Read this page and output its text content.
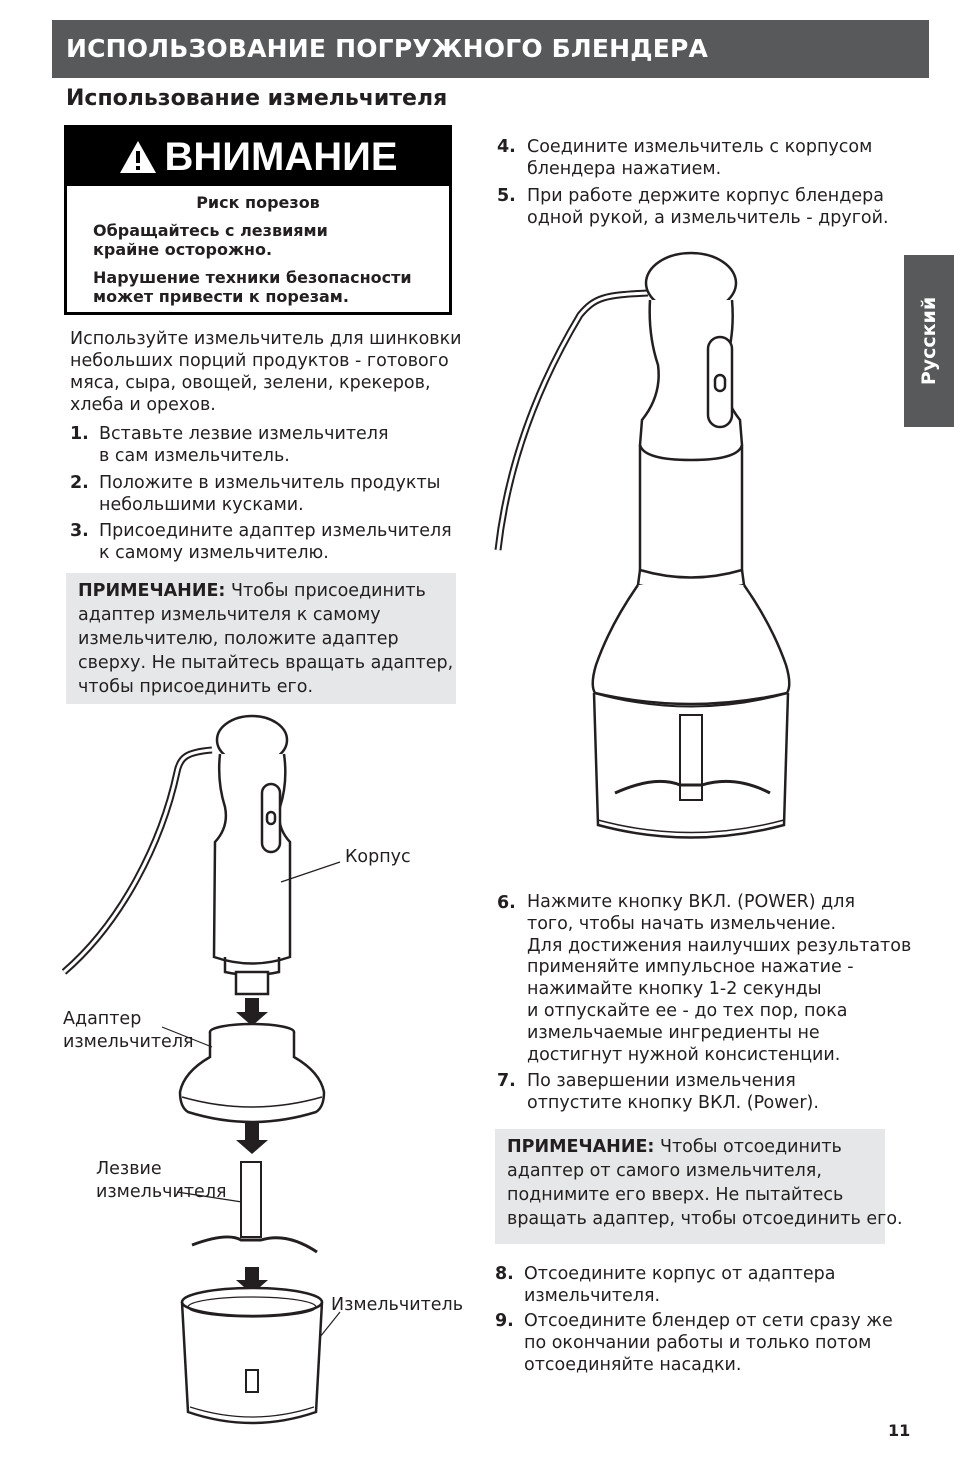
ИСПОЛЬЗОВАНИЕ ПОГРУЖНОГО БЛЕНДЕРА
Использование измельчителя
ВНИМАНИЕ
Риск порезов
Обращайтесь с лезвиями
крайне осторожно.
Нарушение техники безопасности
может привести к порезам.
Используйте измельчитель для шинковки
небольших порций продуктов - готового
мяса, сыра, овощей, зелени, крекеров,
хлеба и орехов.
1. Вставьте лезвие измельчителя
в сам измельчитель.
2. Положите в измельчитель продукты
небольшими кусками.
3. Присоедините адаптер измельчителя
к самому измельчителю.
ПРИМЕЧАНИЕ: Чтобы присоединить
адаптер измельчителя к самому
измельчителю, положите адаптер
сверху. Не пытайтесь вращать адаптер,
чтобы присоединить его.
4. Соедините измельчитель с корпусом
блендера нажатием.
5. При работе держите корпус блендера
одной рукой, а измельчитель - другой.
Русский
6. Нажмите кнопку ВКЛ. (POWER) для
того, чтобы начать измельчение.
Для достижения наилучших результатов
применяйте импульсное нажатие -
нажимайте кнопку 1-2 секунды
и отпускайте ее - до тех пор, пока
измельчаемые ингредиенты не
достигнут нужной консистенции.
7. По завершении измельчения
отпустите кнопку ВКЛ. (Power).
ПРИМЕЧАНИЕ: Чтобы отсоединить
адаптер от самого измельчителя,
поднимите его вверх. Не пытайтесь
вращать адаптер, чтобы отсоединить его.
8. Отсоедините корпус от адаптера
измельчителя.
9. Отсоедините блендер от сети сразу же
по окончании работы и только потом
отсоединяйте насадки.
Корпус
Адаптер
измельчителя
Лезвие
измельчителя
Измельчитель
11
